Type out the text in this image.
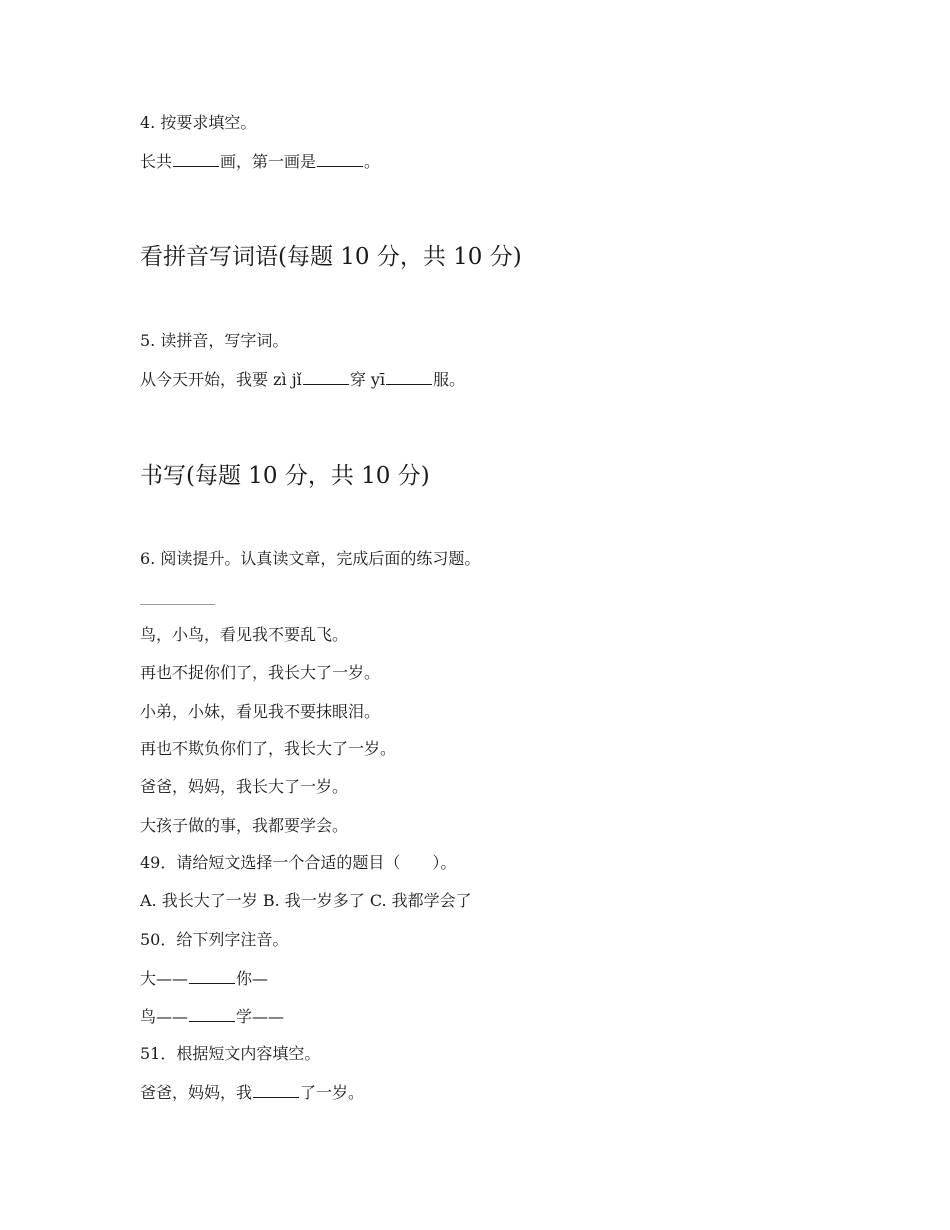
4. 按要求填空。
长共	画，第一画是	。
看拼音写词语(每题 10 分，共 10 分)
5. 读拼音，写字词。
从今天开始，我要 zì jǐ	穿 yī	服。
书写(每题 10 分，共 10 分)
6. 阅读提升。认真读文章，完成后面的练习题。
鸟，小鸟，看见我不要乱飞。
再也不捉你们了，我长大了一岁。
小弟，小妹，看见我不要抹眼泪。
再也不欺负你们了，我长大了一岁。
爸爸，妈妈，我长大了一岁。
大孩子做的事，我都要学会。
49．请给短文选择一个合适的题目（　　）。
A. 我长大了一岁 B. 我一岁多了 C. 我都学会了
50．给下列字注音。
大——	你—
鸟——	学——
51．根据短文内容填空。
爸爸，妈妈，我	了一岁。
